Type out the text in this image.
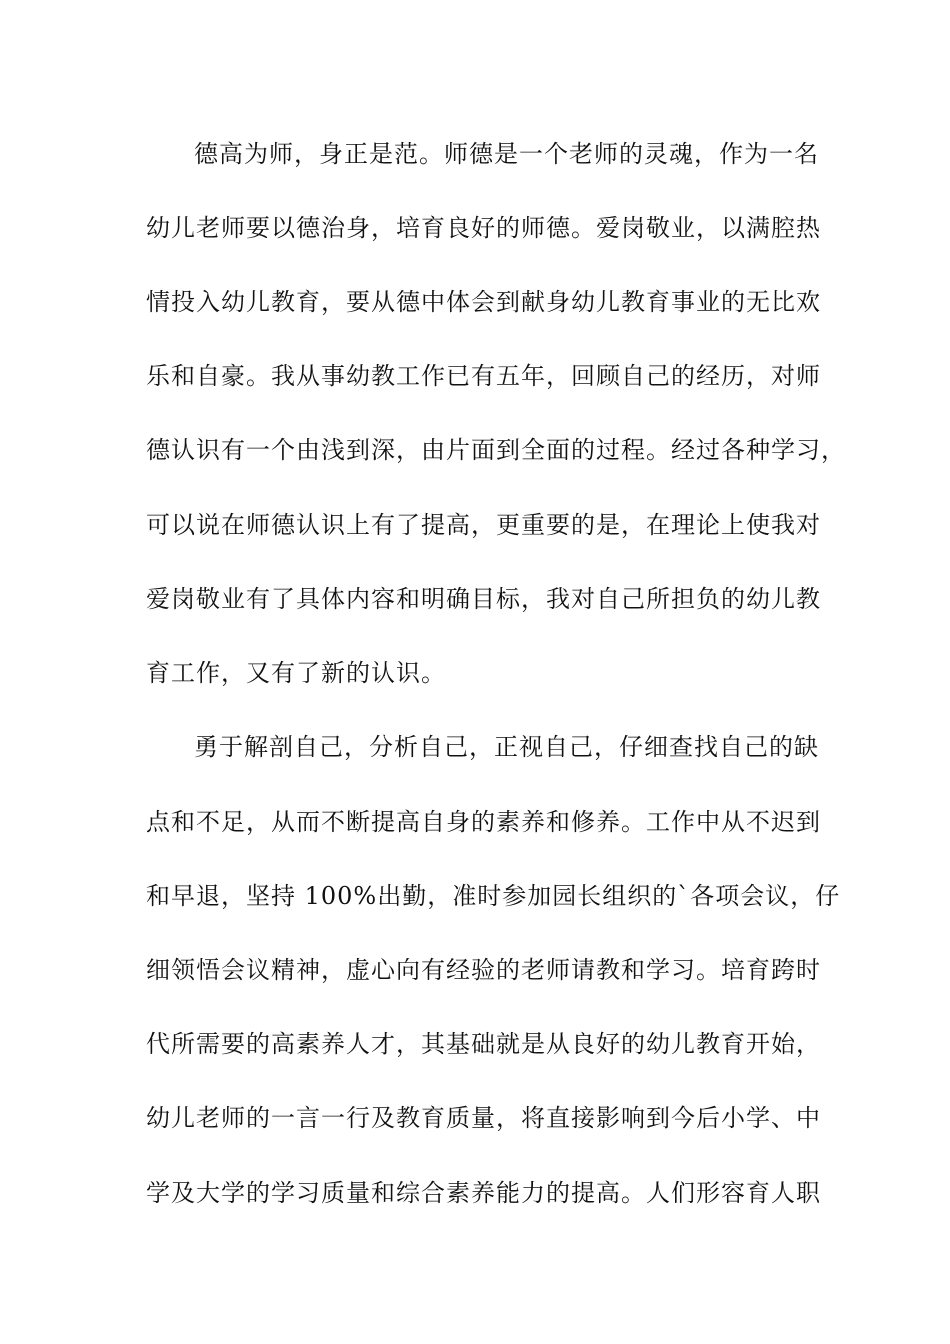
德高为师，身正是范。师德是一个老师的灵魂，作为一名
幼儿老师要以德治身，培育良好的师德。爱岗敬业，以满腔热
情投入幼儿教育，要从德中体会到献身幼儿教育事业的无比欢
乐和自豪。我从事幼教工作已有五年，回顾自己的经历，对师
德认识有一个由浅到深，由片面到全面的过程。经过各种学习，
可以说在师德认识上有了提高，更重要的是，在理论上使我对
爱岗敬业有了具体内容和明确目标，我对自己所担负的幼儿教
育工作，又有了新的认识。
勇于解剖自己，分析自己，正视自己，仔细查找自己的缺
点和不足，从而不断提高自身的素养和修养。工作中从不迟到
和早退，坚持 100%出勤，准时参加园长组织的`各项会议，仔
细领悟会议精神，虚心向有经验的老师请教和学习。培育跨时
代所需要的高素养人才，其基础就是从良好的幼儿教育开始，
幼儿老师的一言一行及教育质量，将直接影响到今后小学、中
学及大学的学习质量和综合素养能力的提高。人们形容育人职
